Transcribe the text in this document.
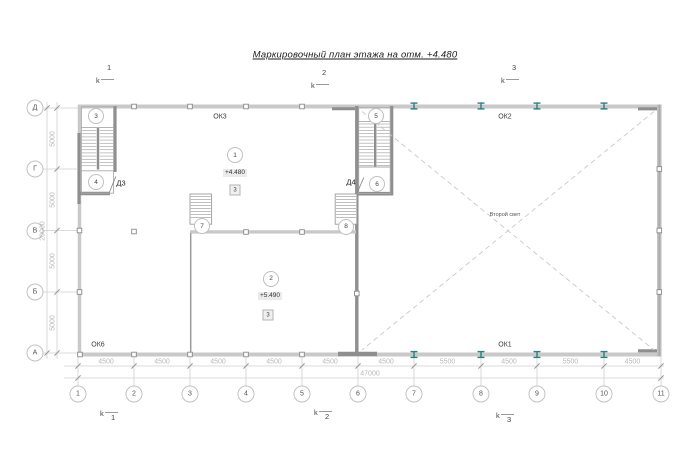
Маркировочный план этажа на отм. +4.480
ОК3	ОК2
ОК1
ОК6
Д3	Д4
Второй свет
+4.480
3
+5.490
3
Д
Г
В
Б
А
1	2	3	4	5	6	7	8	9	10	11
4500	4500	4500	4500	4500	4500	5500	4500	5500	4500
47000
5000
5000
5000
5000
20000
1
2
3
4
5
6
7	8
k
1
k
2
k
3
k 1
k 2	k 3
